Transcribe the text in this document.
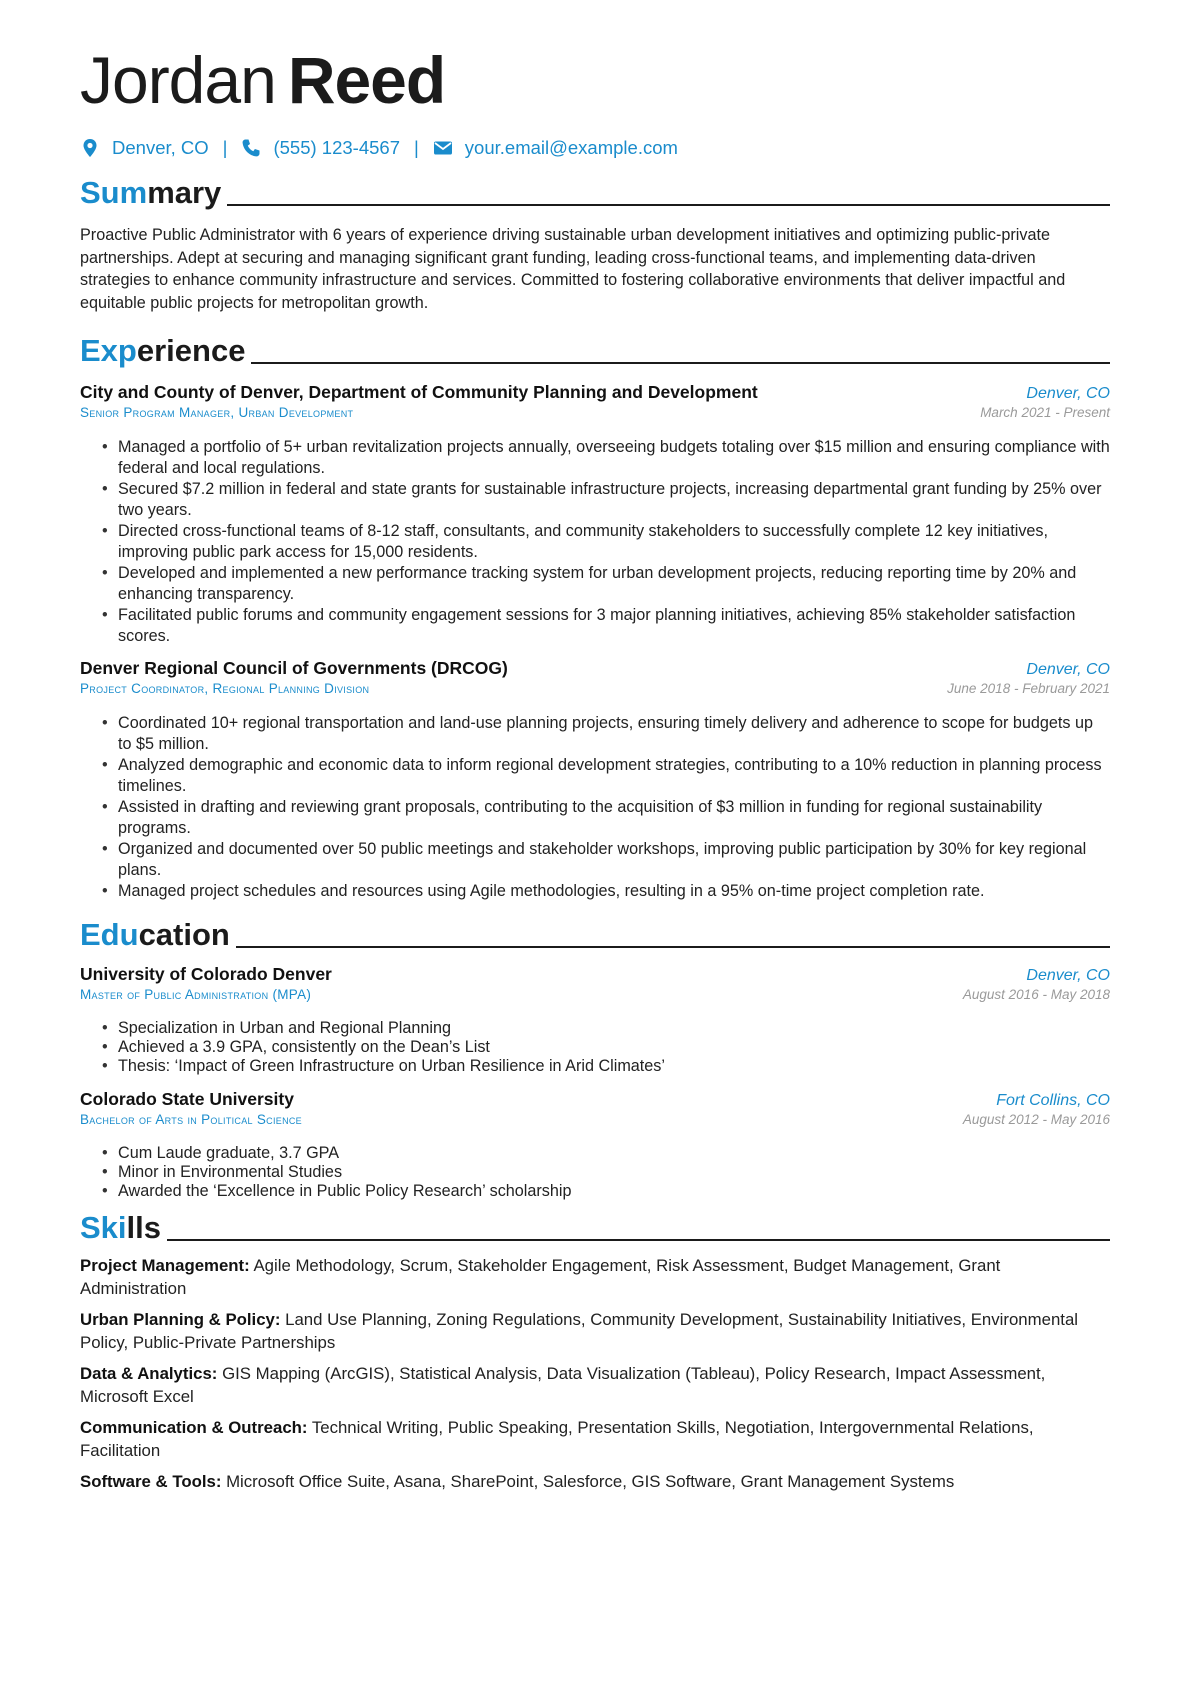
Jordan Reed
Denver, CO | (555) 123-4567 | your.email@example.com
Summary
Proactive Public Administrator with 6 years of experience driving sustainable urban development initiatives and optimizing public-private partnerships. Adept at securing and managing significant grant funding, leading cross-functional teams, and implementing data-driven strategies to enhance community infrastructure and services. Committed to fostering collaborative environments that deliver impactful and equitable public projects for metropolitan growth.
Experience
City and County of Denver, Department of Community Planning and Development	Denver, CO
Senior Program Manager, Urban Development	March 2021 - Present
• Managed a portfolio of 5+ urban revitalization projects annually, overseeing budgets totaling over $15 million and ensuring compliance with federal and local regulations.
• Secured $7.2 million in federal and state grants for sustainable infrastructure projects, increasing departmental grant funding by 25% over two years.
• Directed cross-functional teams of 8-12 staff, consultants, and community stakeholders to successfully complete 12 key initiatives, improving public park access for 15,000 residents.
• Developed and implemented a new performance tracking system for urban development projects, reducing reporting time by 20% and enhancing transparency.
• Facilitated public forums and community engagement sessions for 3 major planning initiatives, achieving 85% stakeholder satisfaction scores.
Denver Regional Council of Governments (DRCOG)	Denver, CO
Project Coordinator, Regional Planning Division	June 2018 - February 2021
• Coordinated 10+ regional transportation and land-use planning projects, ensuring timely delivery and adherence to scope for budgets up to $5 million.
• Analyzed demographic and economic data to inform regional development strategies, contributing to a 10% reduction in planning process timelines.
• Assisted in drafting and reviewing grant proposals, contributing to the acquisition of $3 million in funding for regional sustainability programs.
• Organized and documented over 50 public meetings and stakeholder workshops, improving public participation by 30% for key regional plans.
• Managed project schedules and resources using Agile methodologies, resulting in a 95% on-time project completion rate.
Education
University of Colorado Denver	Denver, CO
Master of Public Administration (MPA)	August 2016 - May 2018
• Specialization in Urban and Regional Planning
• Achieved a 3.9 GPA, consistently on the Dean’s List
• Thesis: ‘Impact of Green Infrastructure on Urban Resilience in Arid Climates’
Colorado State University	Fort Collins, CO
Bachelor of Arts in Political Science	August 2012 - May 2016
• Cum Laude graduate, 3.7 GPA
• Minor in Environmental Studies
• Awarded the ‘Excellence in Public Policy Research’ scholarship
Skills
Project Management: Agile Methodology, Scrum, Stakeholder Engagement, Risk Assessment, Budget Management, Grant Administration
Urban Planning & Policy: Land Use Planning, Zoning Regulations, Community Development, Sustainability Initiatives, Environmental Policy, Public-Private Partnerships
Data & Analytics: GIS Mapping (ArcGIS), Statistical Analysis, Data Visualization (Tableau), Policy Research, Impact Assessment, Microsoft Excel
Communication & Outreach: Technical Writing, Public Speaking, Presentation Skills, Negotiation, Intergovernmental Relations, Facilitation
Software & Tools: Microsoft Office Suite, Asana, SharePoint, Salesforce, GIS Software, Grant Management Systems
